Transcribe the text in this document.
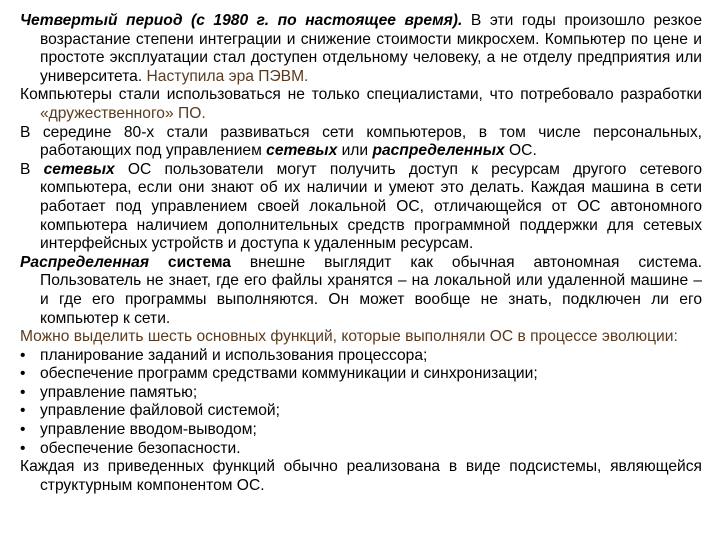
Четвертый период (с 1980 г. по настоящее время). В эти годы произошло резкое возрастание степени интеграции и снижение стоимости микросхем. Компьютер по цене и простоте эксплуатации стал доступен отдельному человеку, а не отделу предприятия или университета. Наступила эра ПЭВМ.

Компьютеры стали использоваться не только специалистами, что потребовало разработки «дружественного» ПО.

В середине 80-х стали развиваться сети компьютеров, в том числе персональных, работающих под управлением сетевых или распределенных ОС.

В сетевых ОС пользователи могут получить доступ к ресурсам другого сетевого компьютера, если они знают об их наличии и умеют это делать. Каждая машина в сети работает под управлением своей локальной ОС, отличающейся от ОС автономного компьютера наличием дополнительных средств программной поддержки для сетевых интерфейсных устройств и доступа к удаленным ресурсам.

Распределенная система внешне выглядит как обычная автономная система. Пользователь не знает, где его файлы хранятся – на локальной или удаленной машине – и где его программы выполняются. Он может вообще не знать, подключен ли его компьютер к сети.

Можно выделить шесть основных функций, которые выполняли ОС в процессе эволюции:

• планирование заданий и использования процессора;

• обеспечение программ средствами коммуникации и синхронизации;

• управление памятью;

• управление файловой системой;

• управление вводом-выводом;

• обеспечение безопасности.

Каждая из приведенных функций обычно реализована в виде подсистемы, являющейся структурным компонентом ОС.
